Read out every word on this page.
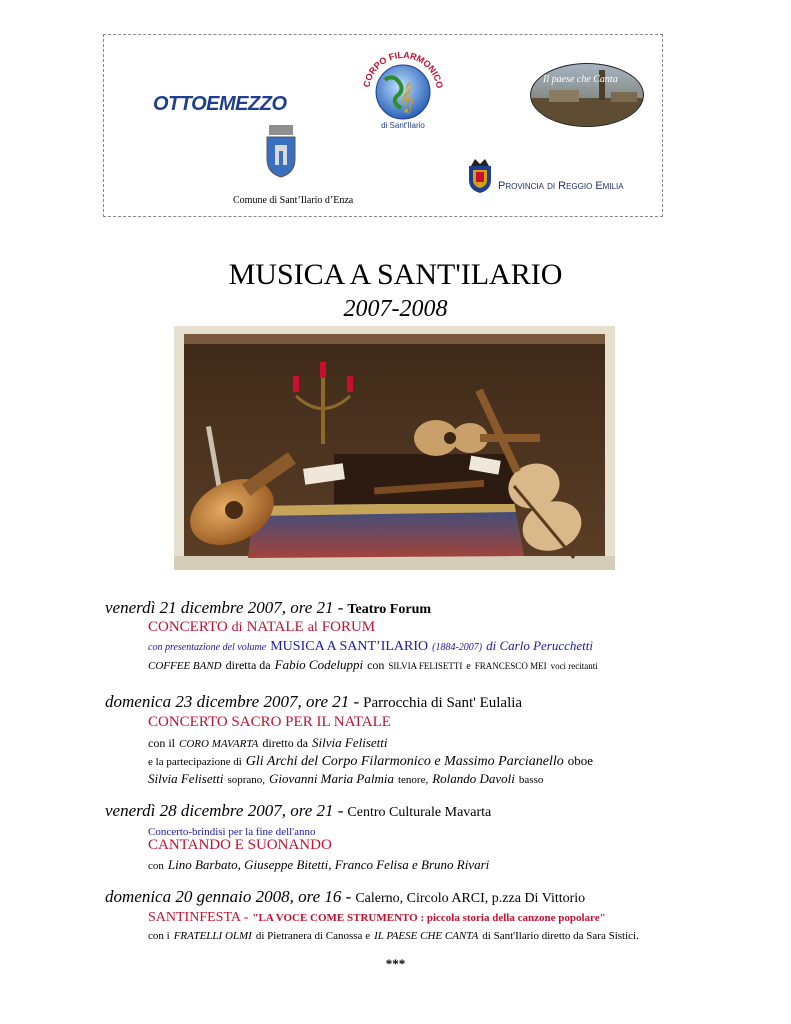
OTTOEMEZZO	𝄞
CORPO FILARMONICO
di Sant'Ilario
Il paese che Canta
Comune di Sant’Ilario d’Enza
Provincia di Reggio Emilia
MUSICA A SANT'ILARIO
2007-2008
venerdì 21 dicembre 2007, ore 21 - Teatro Forum
CONCERTO di NATALE al FORUM
con presentazione del volume MUSICA A SANT’ILARIO (1884-2007) di Carlo Perucchetti
COFFEE BAND diretta da Fabio Codeluppi con SILVIA FELISETTI e FRANCESCO MEI voci recitanti
domenica 23 dicembre 2007, ore 21 - Parrocchia di Sant' Eulalia
CONCERTO SACRO PER IL NATALE
con il CORO MAVARTA diretto da Silvia Felisetti
e la partecipazione di Gli Archi del Corpo Filarmonico e Massimo Parcianello oboe
Silvia Felisetti soprano, Giovanni Maria Palmia tenore, Rolando Davoli basso
venerdì 28 dicembre 2007, ore 21 - Centro Culturale Mavarta
Concerto-brindisi per la fine dell'anno
CANTANDO E SUONANDO
con Lino Barbato, Giuseppe Bitetti, Franco Felisa e Bruno Rivari
domenica 20 gennaio 2008, ore 16 - Calerno, Circolo ARCI, p.zza Di Vittorio
SANTINFESTA - "LA VOCE COME STRUMENTO : piccola storia della canzone popolare"
con i FRATELLI OLMI di Pietranera di Canossa e IL PAESE CHE CANTA di Sant'Ilario diretto da Sara Sistici.
***
